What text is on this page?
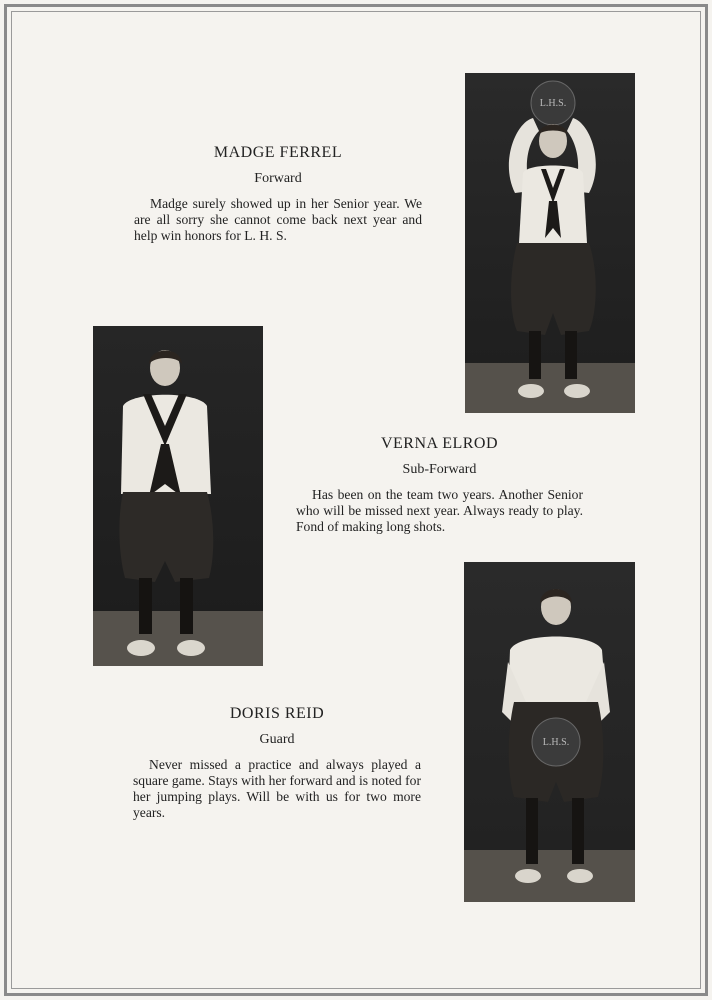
MADGE FERREL
Forward

Madge surely showed up in her Senior year. We are all sorry she cannot come back next year and help win honors for L. H. S.

L.H.S.
VERNA ELROD
Sub-Forward

Has been on the team two years. Another Senior who will be missed next year. Always ready to play. Fond of making long shots.

L.H.S.
DORIS REID
Guard

Never missed a practice and always played a square game. Stays with her forward and is noted for her jumping plays. Will be with us for two more years.
